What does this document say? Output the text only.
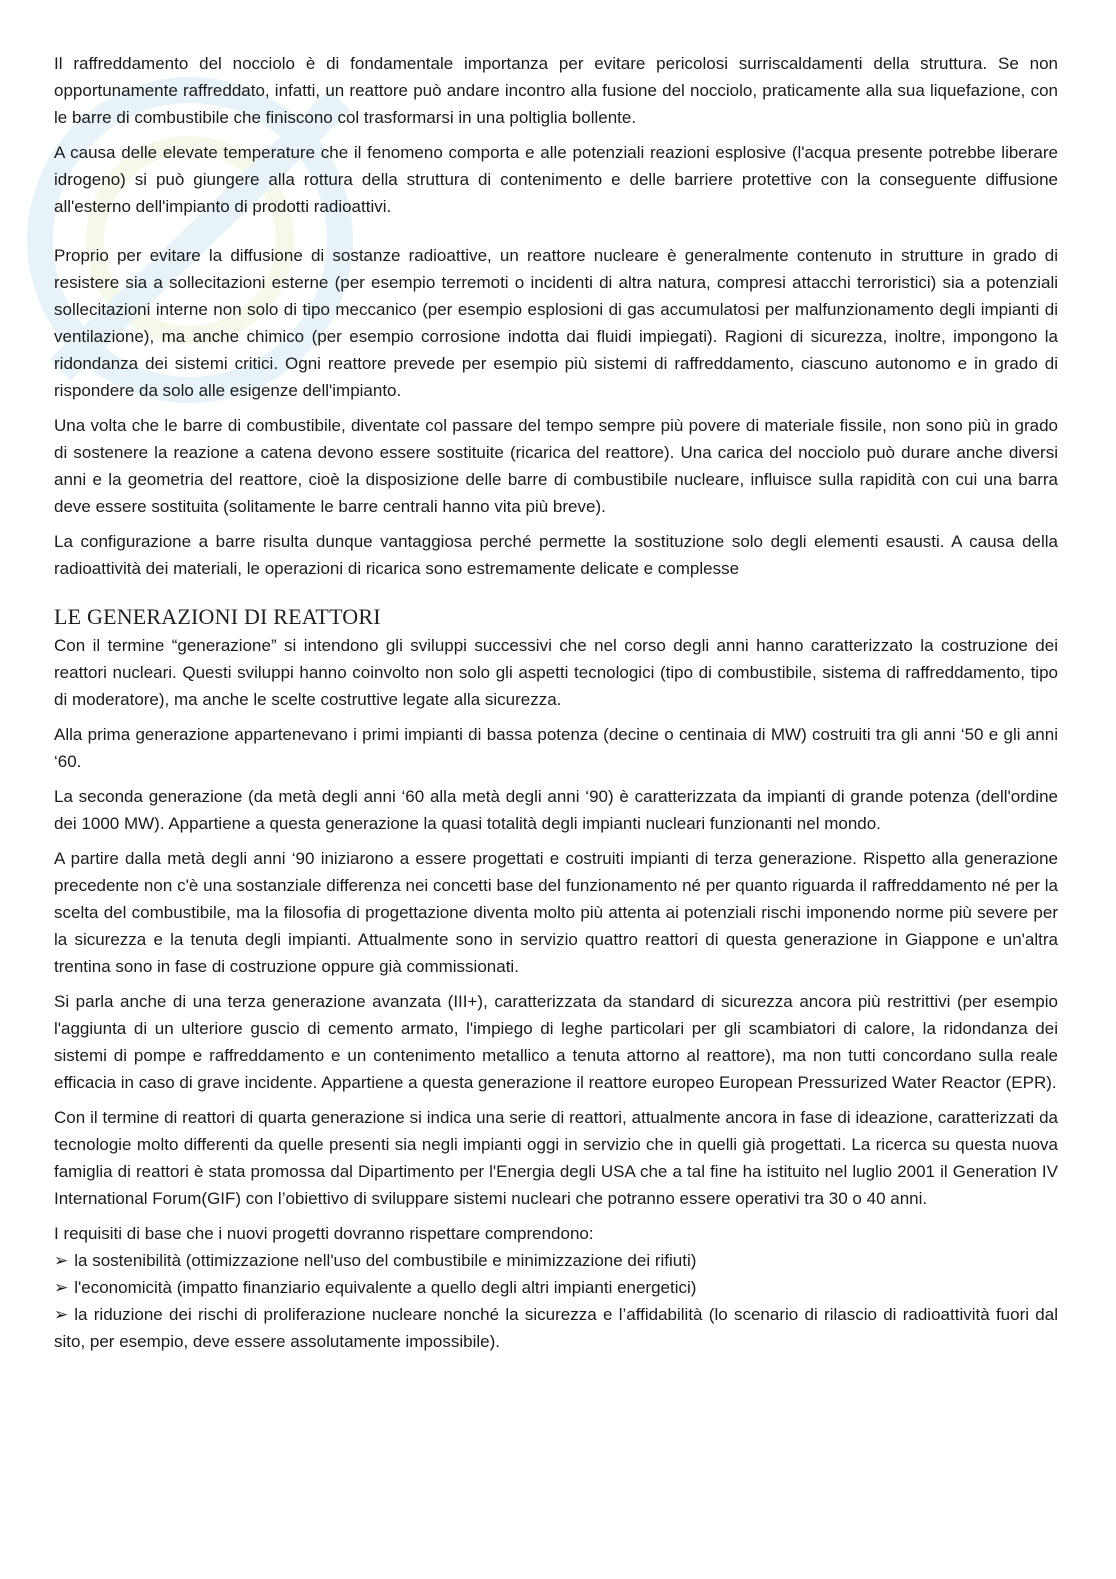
Il raffreddamento del nocciolo è di fondamentale importanza per evitare pericolosi surriscaldamenti della struttura. Se non opportunamente raffreddato, infatti, un reattore può andare incontro alla fusione del nocciolo, praticamente alla sua liquefazione, con le barre di combustibile che finiscono col trasformarsi in una poltiglia bollente.

A causa delle elevate temperature che il fenomeno comporta e alle potenziali reazioni esplosive (l'acqua presente potrebbe liberare idrogeno) si può giungere alla rottura della struttura di contenimento e delle barriere protettive con la conseguente diffusione all'esterno dell'impianto di prodotti radioattivi.

Proprio per evitare la diffusione di sostanze radioattive, un reattore nucleare è generalmente contenuto in strutture in grado di resistere sia a sollecitazioni esterne (per esempio terremoti o incidenti di altra natura, compresi attacchi terroristici) sia a potenziali sollecitazioni interne non solo di tipo meccanico (per esempio esplosioni di gas accumulatosi per malfunzionamento degli impianti di ventilazione), ma anche chimico (per esempio corrosione indotta dai fluidi impiegati). Ragioni di sicurezza, inoltre, impongono la ridondanza dei sistemi critici. Ogni reattore prevede per esempio più sistemi di raffreddamento, ciascuno autonomo e in grado di rispondere da solo alle esigenze dell'impianto.

Una volta che le barre di combustibile, diventate col passare del tempo sempre più povere di materiale fissile, non sono più in grado di sostenere la reazione a catena devono essere sostituite (ricarica del reattore). Una carica del nocciolo può durare anche diversi anni e la geometria del reattore, cioè la disposizione delle barre di combustibile nucleare, influisce sulla rapidità con cui una barra deve essere sostituita (solitamente le barre centrali hanno vita più breve).

La configurazione a barre risulta dunque vantaggiosa perché permette la sostituzione solo degli elementi esausti. A causa della radioattività dei materiali, le operazioni di ricarica sono estremamente delicate e complesse

LE GENERAZIONI DI REATTORI

Con il termine “generazione” si intendono gli sviluppi successivi che nel corso degli anni hanno caratterizzato la costruzione dei reattori nucleari. Questi sviluppi hanno coinvolto non solo gli aspetti tecnologici (tipo di combustibile, sistema di raffreddamento, tipo di moderatore), ma anche le scelte costruttive legate alla sicurezza.

Alla prima generazione appartenevano i primi impianti di bassa potenza (decine o centinaia di MW) costruiti tra gli anni ‘50 e gli anni ‘60.

La seconda generazione (da metà degli anni ‘60 alla metà degli anni ‘90) è caratterizzata da impianti di grande potenza (dell'ordine dei 1000 MW). Appartiene a questa generazione la quasi totalità degli impianti nucleari funzionanti nel mondo.

A partire dalla metà degli anni ‘90 iniziarono a essere progettati e costruiti impianti di terza generazione. Rispetto alla generazione precedente non c'è una sostanziale differenza nei concetti base del funzionamento né per quanto riguarda il raffreddamento né per la scelta del combustibile, ma la filosofia di progettazione diventa molto più attenta ai potenziali rischi imponendo norme più severe per la sicurezza e la tenuta degli impianti. Attualmente sono in servizio quattro reattori di questa generazione in Giappone e un'altra trentina sono in fase di costruzione oppure già commissionati.

Si parla anche di una terza generazione avanzata (III+), caratterizzata da standard di sicurezza ancora più restrittivi (per esempio l'aggiunta di un ulteriore guscio di cemento armato, l'impiego di leghe particolari per gli scambiatori di calore, la ridondanza dei sistemi di pompe e raffreddamento e un contenimento metallico a tenuta attorno al reattore), ma non tutti concordano sulla reale efficacia in caso di grave incidente. Appartiene a questa generazione il reattore europeo European Pressurized Water Reactor (EPR).

Con il termine di reattori di quarta generazione si indica una serie di reattori, attualmente ancora in fase di ideazione, caratterizzati da tecnologie molto differenti da quelle presenti sia negli impianti oggi in servizio che in quelli già progettati. La ricerca su questa nuova famiglia di reattori è stata promossa dal Dipartimento per l'Energia degli USA che a tal fine ha istituito nel luglio 2001 il Generation IV International Forum(GIF) con l’obiettivo di sviluppare sistemi nucleari che potranno essere operativi tra 30 o 40 anni.

I requisiti di base che i nuovi progetti dovranno rispettare comprendono:

➢ la sostenibilità (ottimizzazione nell'uso del combustibile e minimizzazione dei rifiuti)
➢ l'economicità (impatto finanziario equivalente a quello degli altri impianti energetici)
➢ la riduzione dei rischi di proliferazione nucleare nonché la sicurezza e l’affidabilità (lo scenario di rilascio di radioattività fuori dal sito, per esempio, deve essere assolutamente impossibile).
